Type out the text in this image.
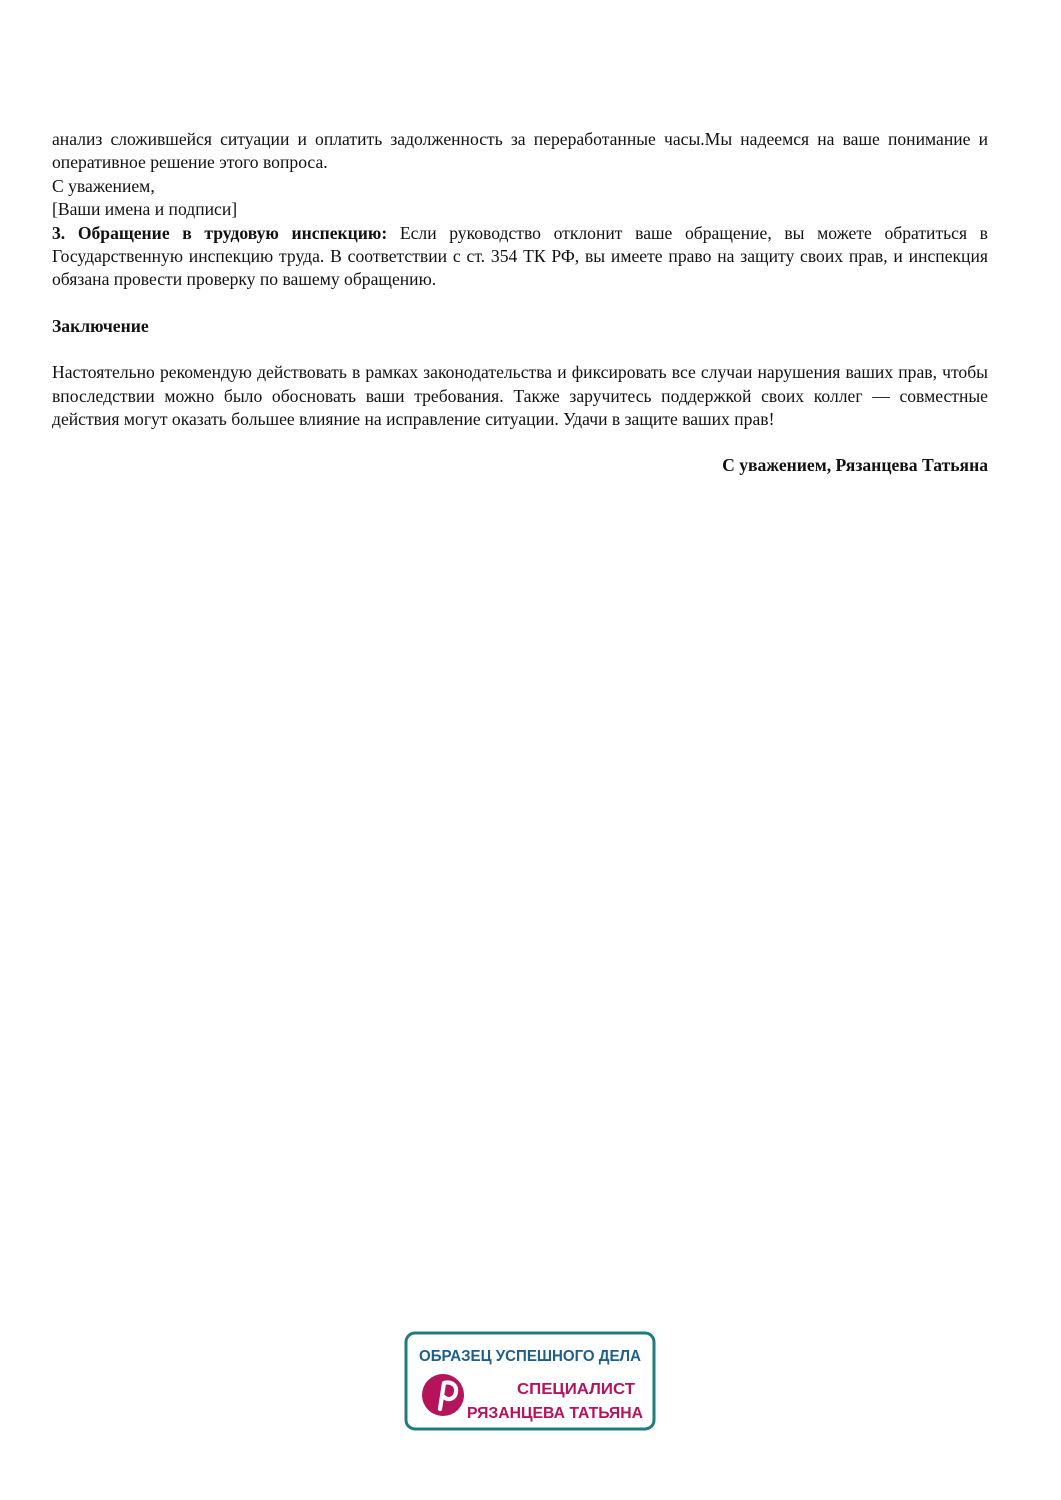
анализ сложившейся ситуации и оплатить задолженность за переработанные часы.Мы надеемся на ваше понимание и оперативное решение этого вопроса.
С уважением,
[Ваши имена и подписи]
3. Обращение в трудовую инспекцию: Если руководство отклонит ваше обращение, вы можете обратиться в Государственную инспекцию труда. В соответствии с ст. 354 ТК РФ, вы имеете право на защиту своих прав, и инспекция обязана провести проверку по вашему обращению.
Заключение
Настоятельно рекомендую действовать в рамках законодательства и фиксировать все случаи нарушения ваших прав, чтобы впоследствии можно было обосновать ваши требования. Также заручитесь поддержкой своих коллег — совместные действия могут оказать большее влияние на исправление ситуации. Удачи в защите ваших прав!
С уважением, Рязанцева Татьяна
ОБРАЗЕЦ УСПЕШНОГО ДЕЛА
СПЕЦИАЛИСТ
РЯЗАНЦЕВА ТАТЬЯНА
